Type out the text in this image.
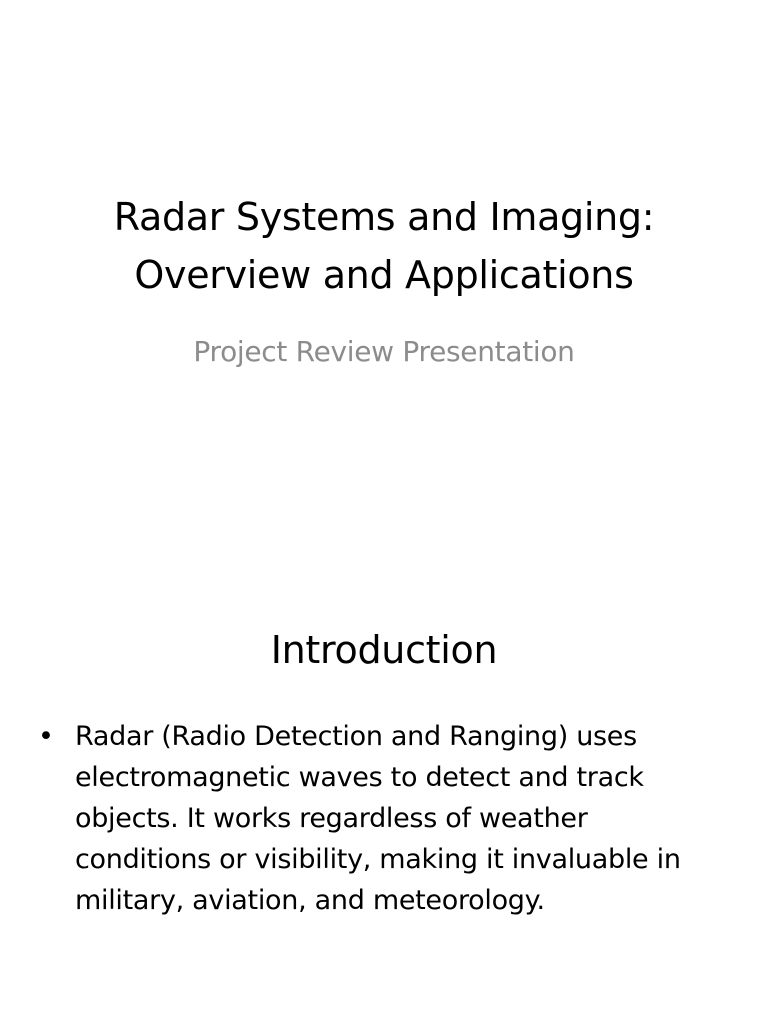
Radar Systems and Imaging:
Overview and Applications
Project Review Presentation
Introduction
• Radar (Radio Detection and Ranging) uses
electromagnetic waves to detect and track
objects. It works regardless of weather
conditions or visibility, making it invaluable in
military, aviation, and meteorology.
